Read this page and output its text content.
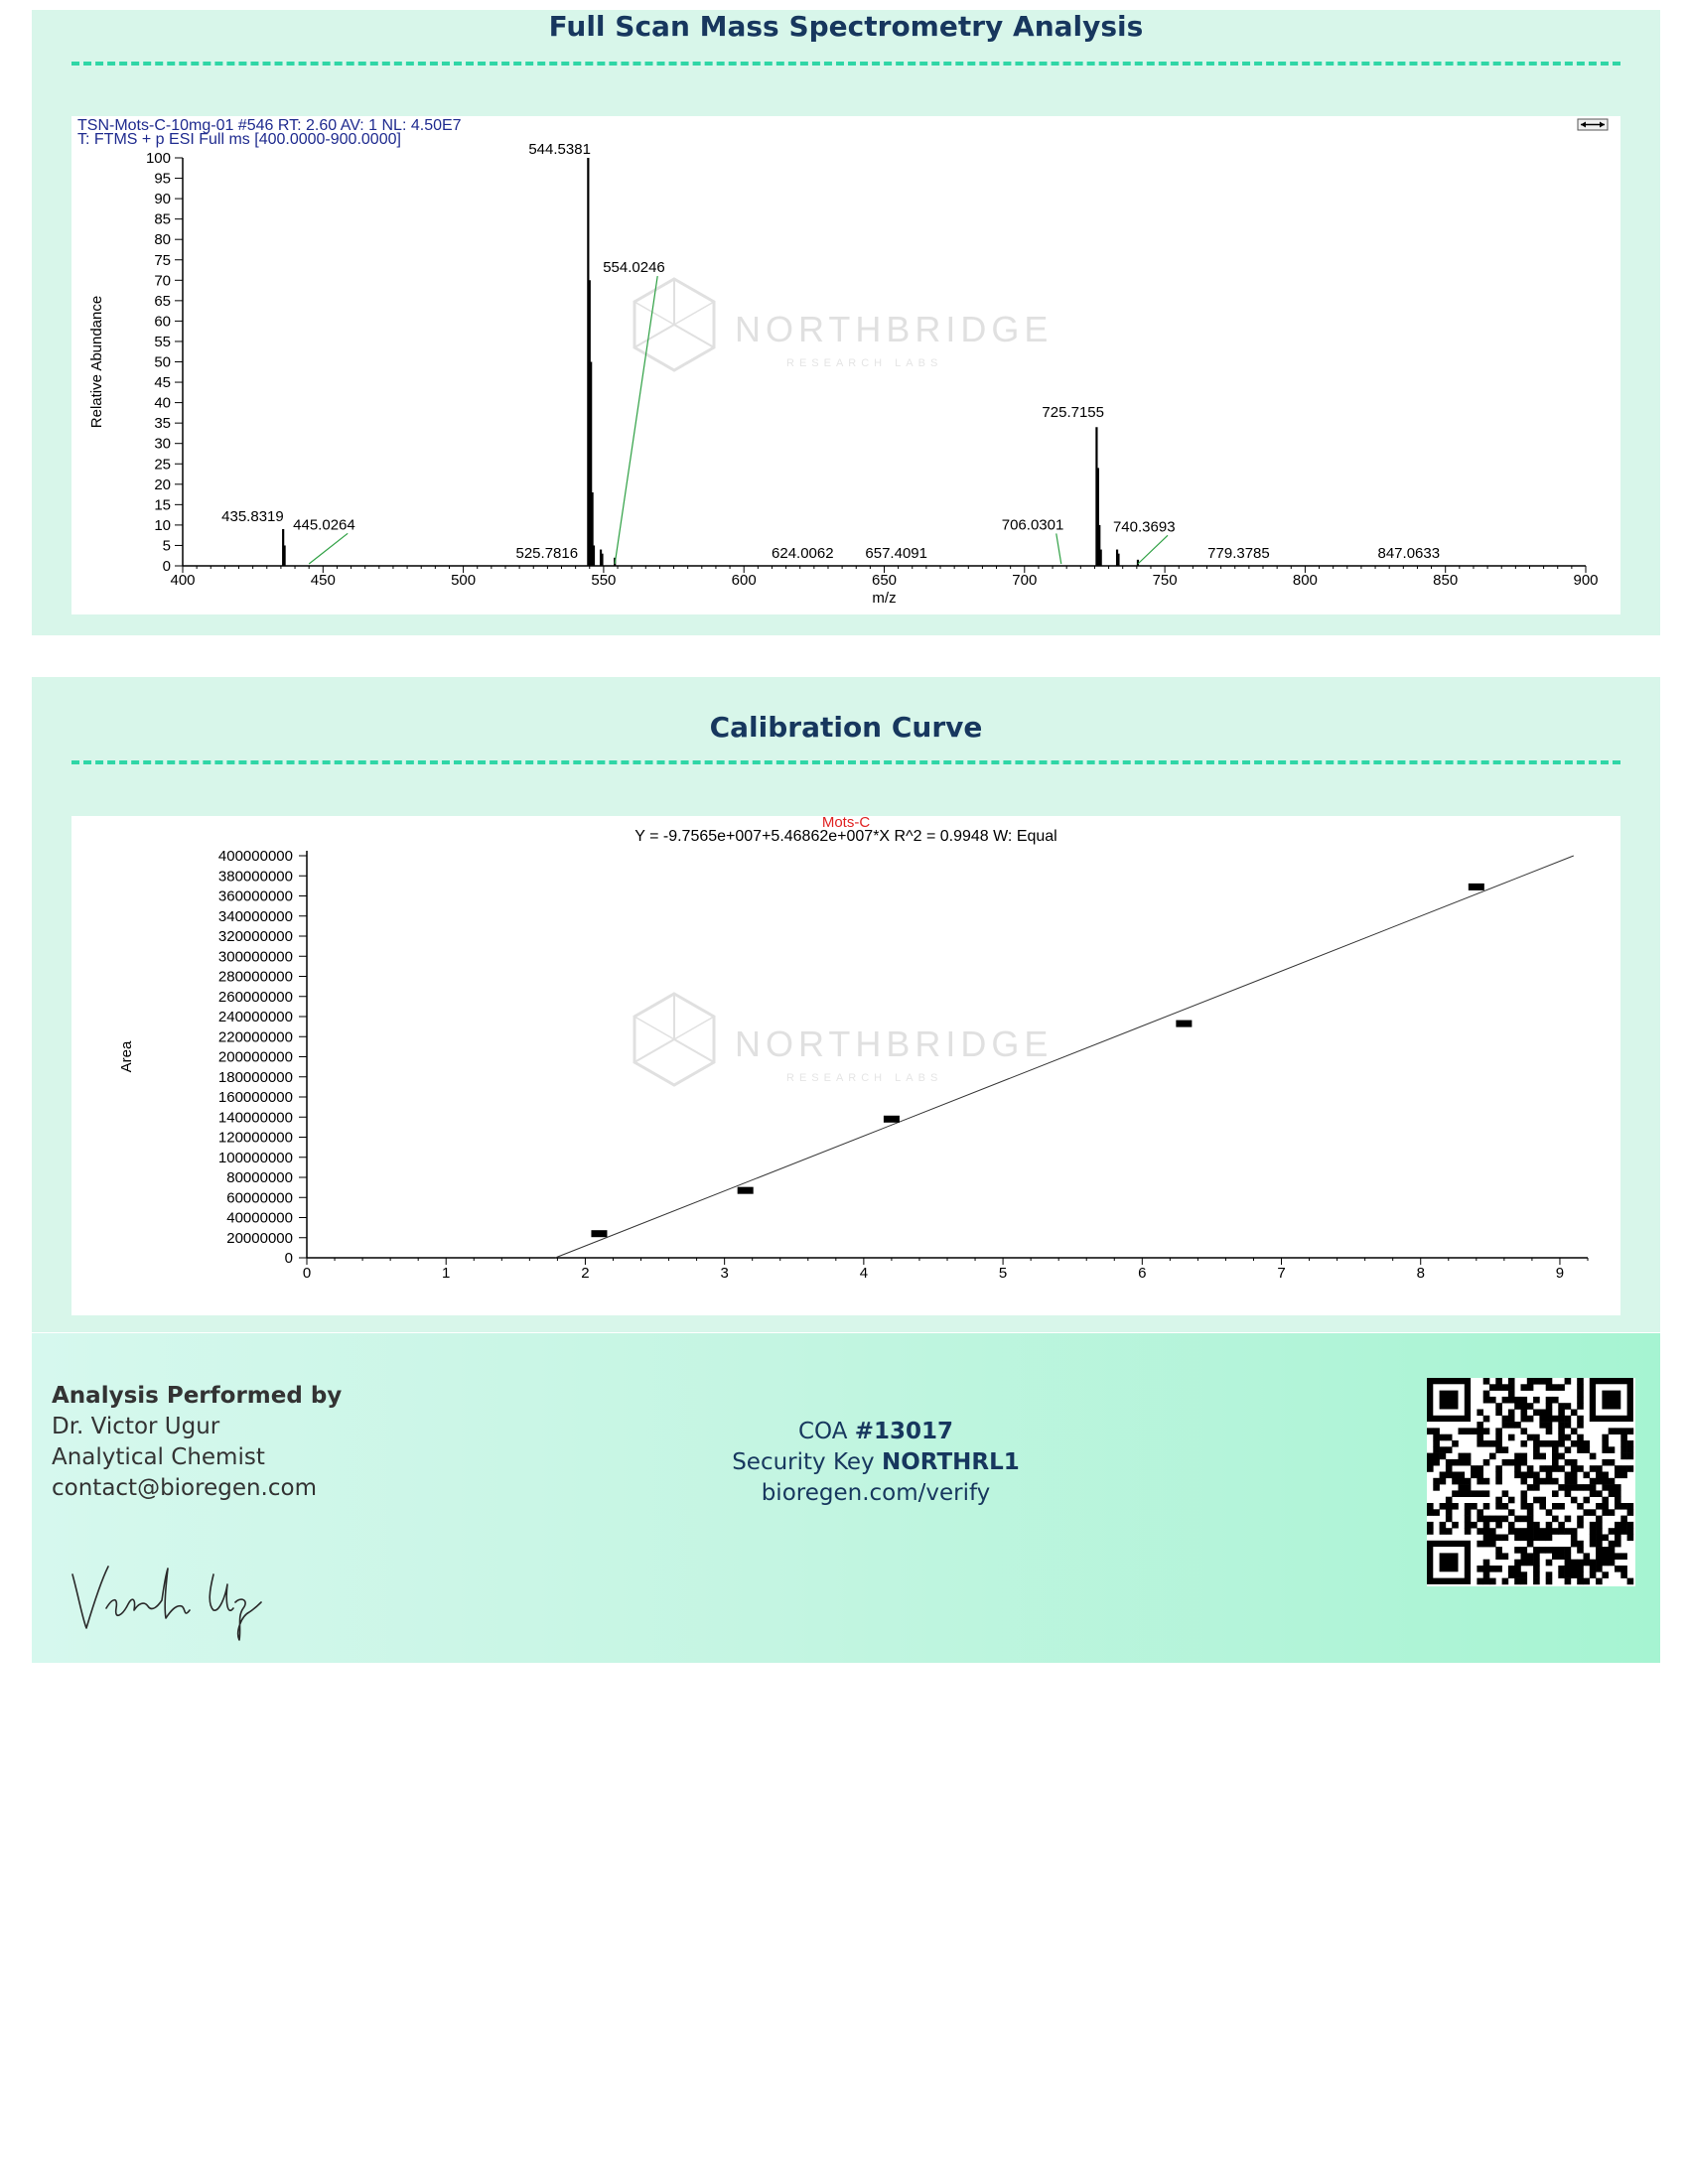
Full Scan Mass Spectrometry Analysis
TSN-Mots-C-10mg-01 #546 RT: 2.60 AV: 1 NL: 4.50E7
T: FTMS + p ESI Full ms [400.0000-900.0000]
NORTHBRIDGE
RESEARCH LABS
0
5
10
15
20
25
30
35
40
45
50
55
60
65
70
75
80
85
90
95
100
400	450	500	550	600	650	700	750	800	850	900
m/z
Relative Abundance
544.5381
554.0246
725.7155
435.8319 445.0264
525.7816	624.0062 657.4091
706.0301	740.3693
779.3785	847.0633
Calibration Curve
NORTHBRIDGE
RESEARCH LABS
Mots-C
Y = -9.7565e+007+5.46862e+007*X R^2 = 0.9948 W: Equal
0
20000000
40000000
60000000
80000000
100000000
120000000
140000000
160000000
180000000
200000000
220000000
240000000
260000000
280000000
300000000
320000000
340000000
360000000
380000000
400000000
0	1	2	3	4	5	6	7	8	9
Area
Analysis Performed by
Dr. Victor Ugur
Analytical Chemist
contact@bioregen.com
COA #13017
Security Key NORTHRL1
bioregen.com/verify
